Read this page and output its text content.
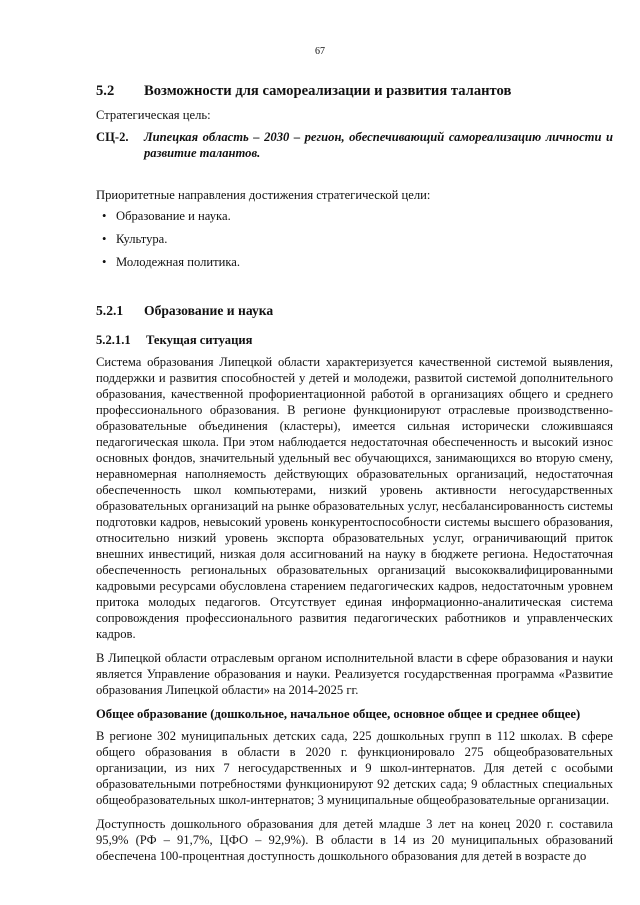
67
5.2	Возможности для самореализации и развития талантов
Стратегическая цель:
СЦ-2.	Липецкая область – 2030 – регион, обеспечивающий самореализацию личности и развитие талантов.
Приоритетные направления достижения стратегической цели:
• Образование и наука.
• Культура.
• Молодежная политика.
5.2.1	Образование и наука
5.2.1.1	Текущая ситуация

Система образования Липецкой области характеризуется качественной системой выявления, поддержки и развития способностей у детей и молодежи, развитой системой дополнительного образования, качественной профориентационной работой в организациях общего и среднего профессионального образования. В регионе функционируют отраслевые производственно-образовательные объединения (кластеры), имеется сильная исторически сложившаяся педагогическая школа. При этом наблюдается недостаточная обеспеченность и высокий износ основных фондов, значительный удельный вес обучающихся, занимающихся во вторую смену, неравномерная наполняемость действующих образовательных организаций, недостаточная обеспеченность школ компьютерами, низкий уровень активности негосударственных образовательных организаций на рынке образовательных услуг, несбалансированность системы подготовки кадров, невысокий уровень конкурентоспособности системы высшего образования, относительно низкий уровень экспорта образовательных услуг, ограничивающий приток внешних инвестиций, низкая доля ассигнований на науку в бюджете региона. Недостаточная обеспеченность региональных образовательных организаций высококвалифицированными кадровыми ресурсами обусловлена старением педагогических кадров, недостаточным уровнем притока молодых педагогов. Отсутствует единая информационно-аналитическая система сопровождения профессионального развития педагогических работников и управленческих кадров.

В Липецкой области отраслевым органом исполнительной власти в сфере образования и науки является Управление образования и науки. Реализуется государственная программа «Развитие образования Липецкой области» на 2014-2025 гг.

Общее образование (дошкольное, начальное общее, основное общее и среднее общее)

В регионе 302 муниципальных детских сада, 225 дошкольных групп в 112 школах. В сфере общего образования в области в 2020 г. функционировало 275 общеобразовательных организации, из них 7 негосударственных и 9 школ-интернатов. Для детей с особыми образовательными потребностями функционируют 92 детских сада; 9 областных специальных общеобразовательных школ-интернатов; 3 муниципальные общеобразовательные организации.

Доступность дошкольного образования для детей младше 3 лет на конец 2020 г. составила 95,9% (РФ – 91,7%, ЦФО – 92,9%). В области в 14 из 20 муниципальных образований обеспечена 100-процентная доступность дошкольного образования для детей в возрасте до
